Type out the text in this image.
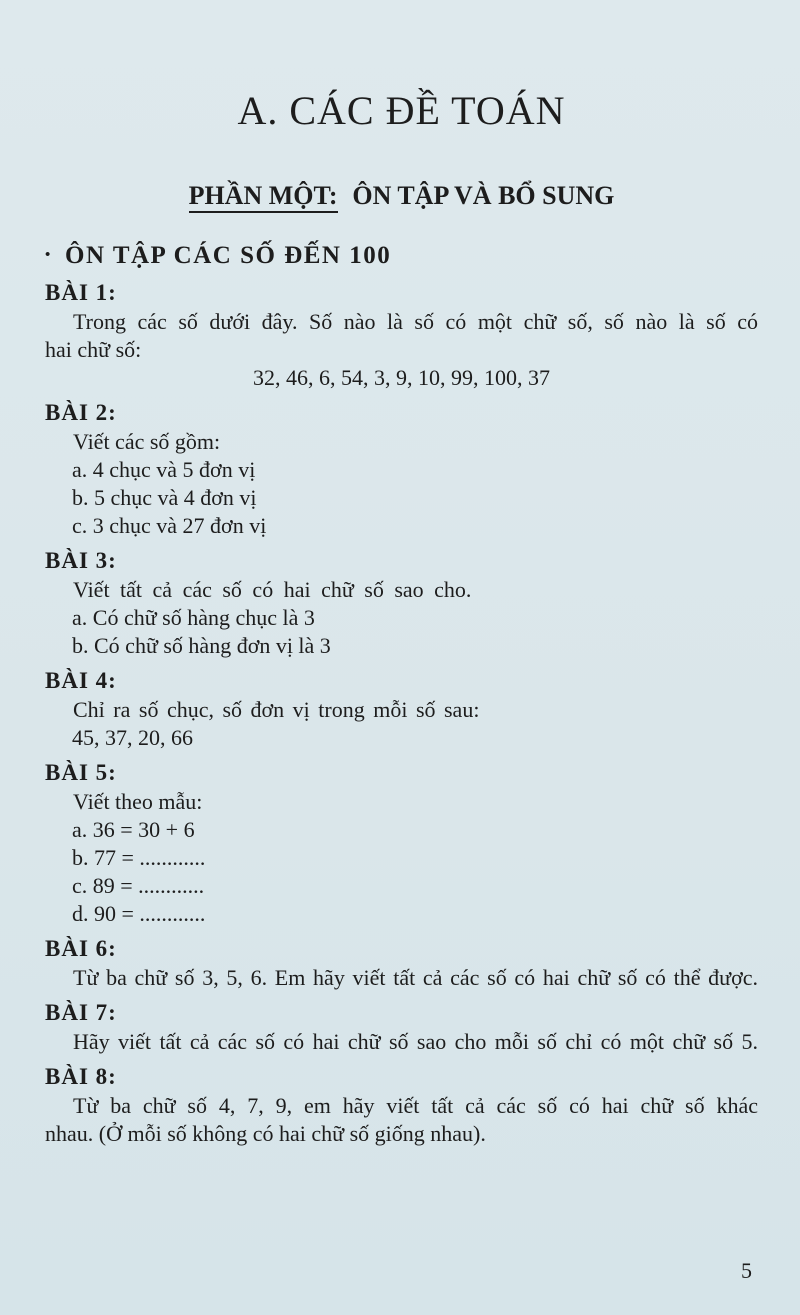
A. CÁC ĐỀ TOÁN
PHẦN MỘT: ÔN TẬP VÀ BỔ SUNG
• ÔN TẬP CÁC SỐ ĐẾN 100
BÀI 1:
Trong các số dưới đây. Số nào là số có một chữ số, số nào là số có
hai chữ số:
32, 46, 6, 54, 3, 9, 10, 99, 100, 37
BÀI 2:
Viết các số gồm:
a. 4 chục và 5 đơn vị
b. 5 chục và 4 đơn vị
c. 3 chục và 27 đơn vị
BÀI 3:
Viết tất cả các số có hai chữ số sao cho.
a. Có chữ số hàng chục là 3
b. Có chữ số hàng đơn vị là 3
BÀI 4:
Chỉ ra số chục, số đơn vị trong mỗi số sau:
45, 37, 20, 66
BÀI 5:
Viết theo mẫu:
a. 36 = 30 + 6
b. 77 = ............
c. 89 = ............
d. 90 = ............
BÀI 6:
Từ ba chữ số 3, 5, 6. Em hãy viết tất cả các số có hai chữ số có thể được.
BÀI 7:
Hãy viết tất cả các số có hai chữ số sao cho mỗi số chỉ có một chữ số 5.
BÀI 8:
Từ ba chữ số 4, 7, 9, em hãy viết tất cả các số có hai chữ số khác
nhau. (Ở mỗi số không có hai chữ số giống nhau).
5
